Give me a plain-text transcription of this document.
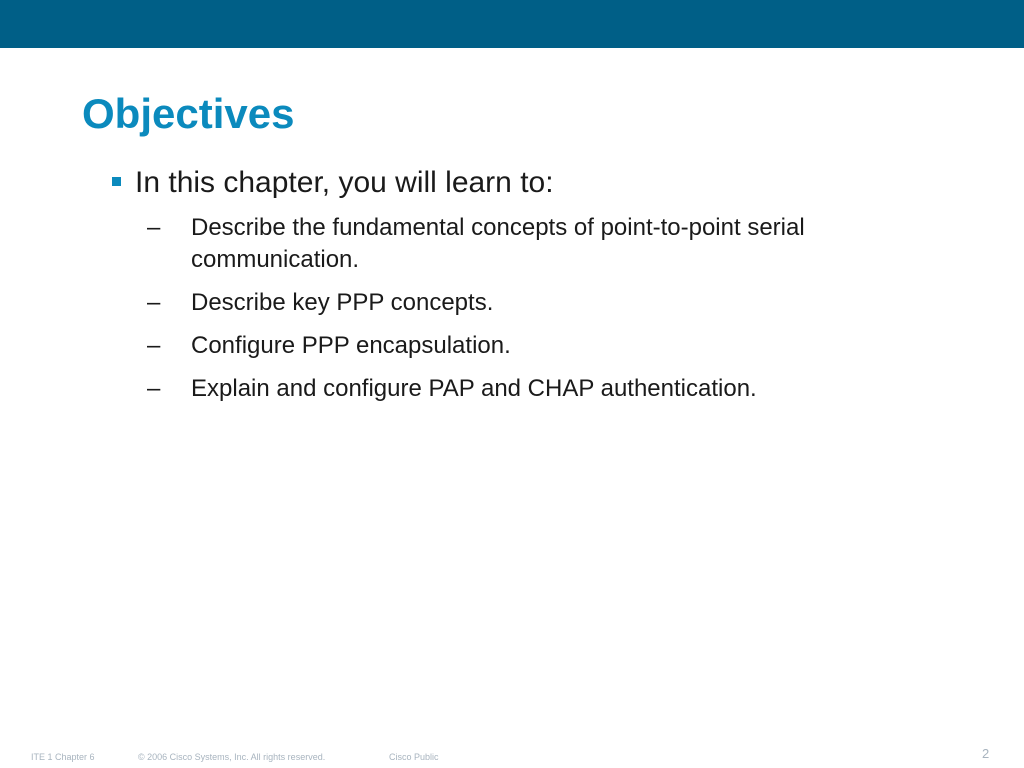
Objectives
In this chapter, you will learn to:
– Describe the fundamental concepts of point-to-point serial communication.
– Describe key PPP concepts.
– Configure PPP encapsulation.
– Explain and configure PAP and CHAP authentication.
ITE 1 Chapter 6	© 2006 Cisco Systems, Inc. All rights reserved.	Cisco Public	2
